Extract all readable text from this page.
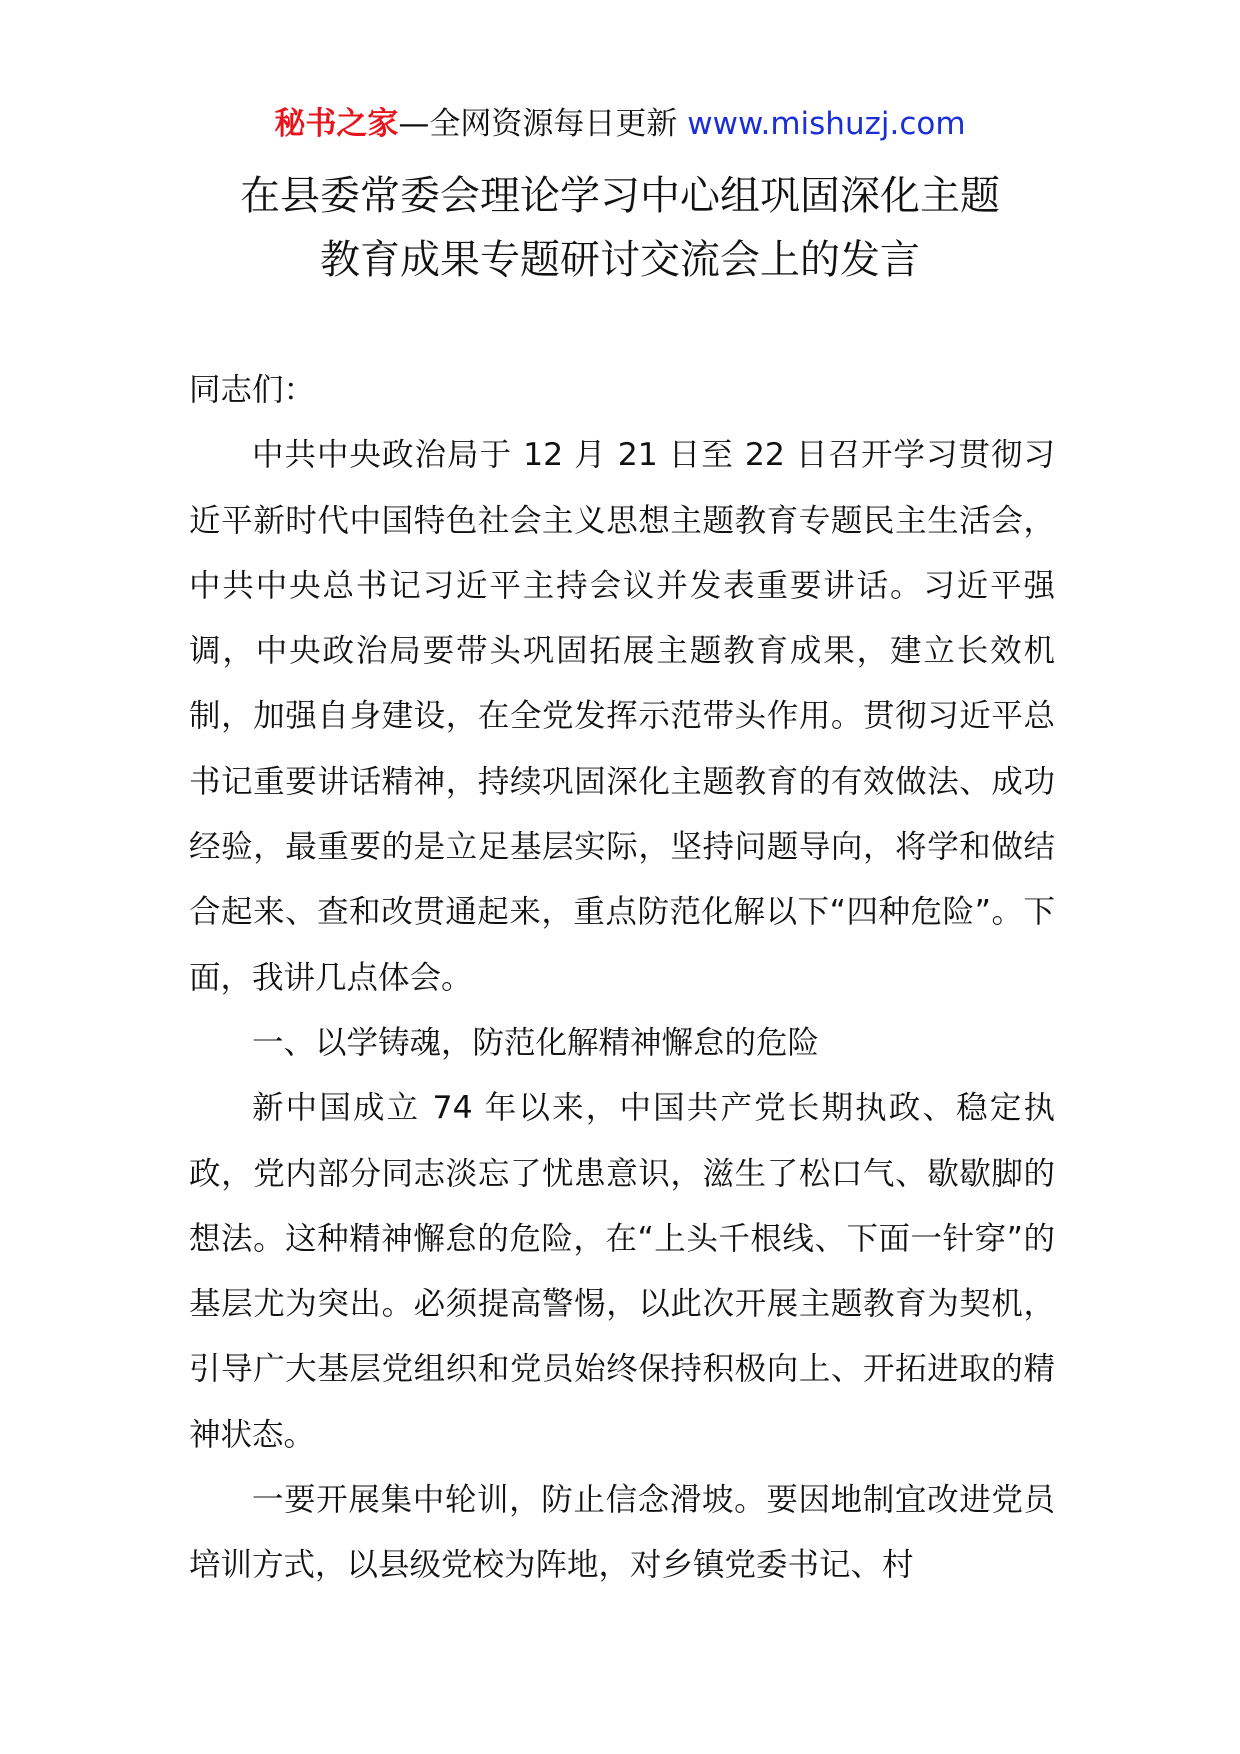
秘书之家—全网资源每日更新 www.mishuzj.com
在县委常委会理论学习中心组巩固深化主题
教育成果专题研讨交流会上的发言

同志们：

中共中央政治局于 12 月 21 日至 22 日召开学习贯彻习近平新时代中国特色社会主义思想主题教育专题民主生活会，中共中央总书记习近平主持会议并发表重要讲话。习近平强调，中央政治局要带头巩固拓展主题教育成果，建立长效机制，加强自身建设，在全党发挥示范带头作用。贯彻习近平总书记重要讲话精神，持续巩固深化主题教育的有效做法、成功经验，最重要的是立足基层实际，坚持问题导向，将学和做结合起来、查和改贯通起来，重点防范化解以下“四种危险”。下面，我讲几点体会。

一、以学铸魂，防范化解精神懈怠的危险

新中国成立 74 年以来，中国共产党长期执政、稳定执政，党内部分同志淡忘了忧患意识，滋生了松口气、歇歇脚的想法。这种精神懈怠的危险，在“上头千根线、下面一针穿”的基层尤为突出。必须提高警惕，以此次开展主题教育为契机，引导广大基层党组织和党员始终保持积极向上、开拓进取的精神状态。

一要开展集中轮训，防止信念滑坡。要因地制宜改进党员培训方式，以县级党校为阵地，对乡镇党委书记、村
